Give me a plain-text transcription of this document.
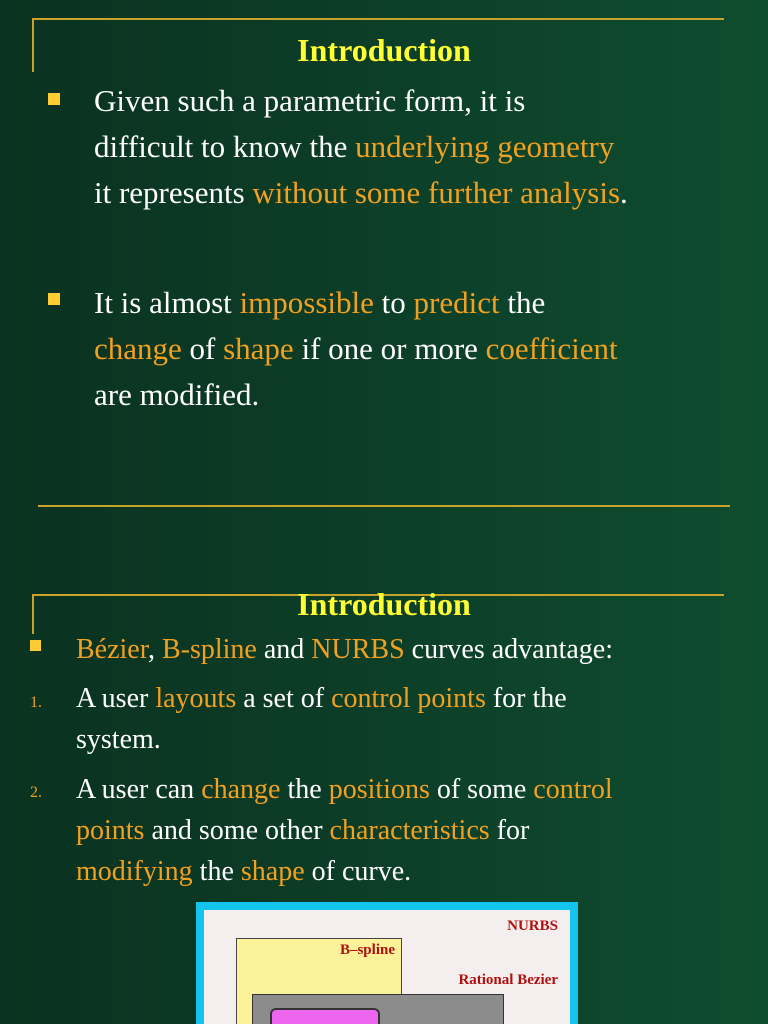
Introduction

Given such a parametric form, it is
difficult to know the underlying geometry
it represents without some further analysis.

It is almost impossible to predict the
change of shape if one or more coefficient
are modified.

Introduction

Bézier, B-spline and NURBS curves advantage:

1. A user layouts a set of control points for the
system.

2. A user can change the positions of some control
points and some other characteristics for
modifying the shape of curve.

NURBS
B–spline
Rational Bezier
